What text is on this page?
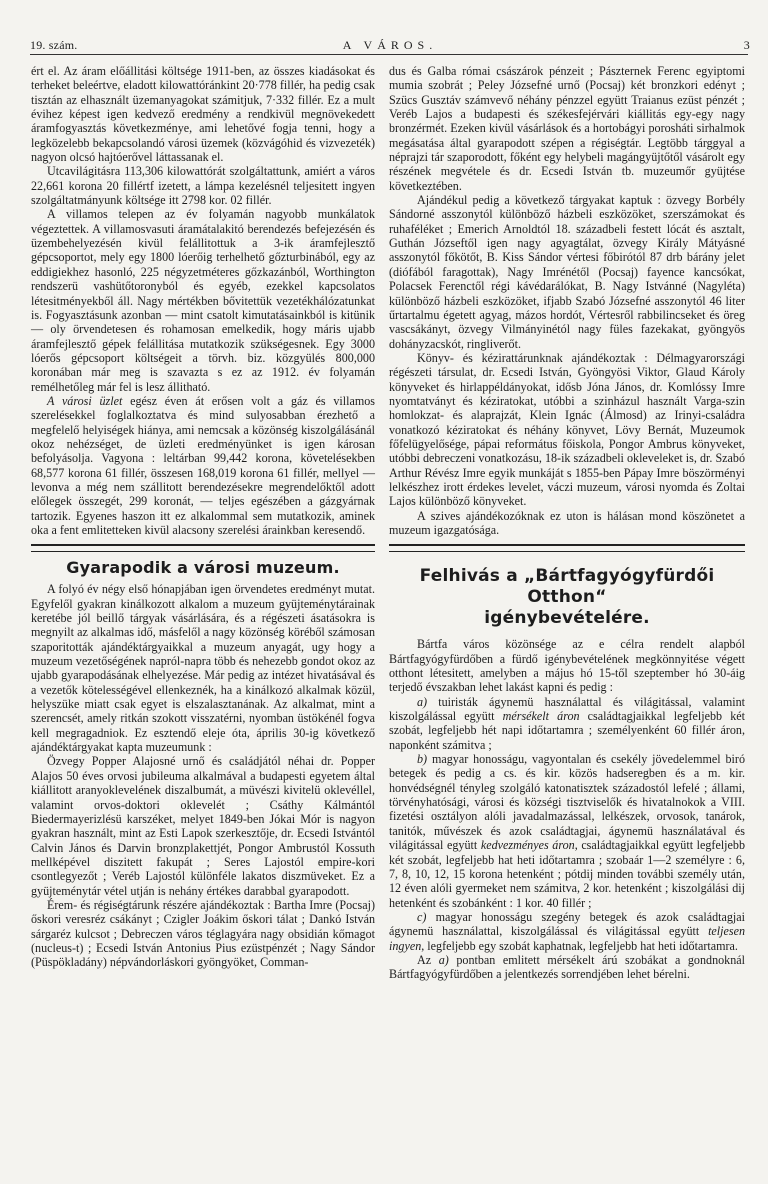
19. szám.	A VÁROS.	3

ért el. Az áram előállitási költsége 1911-ben, az összes kiadásokat és terheket beleértve, eladott kilowattóránkint 20·778 fillér, ha pedig csak tisztán az elhasznált üzemanyagokat számitjuk, 7·332 fillér. Ez a mult évihez képest igen kedvező eredmény a rendkivül megnövekedett áramfogyasztás következménye, ami lehetővé fogja tenni, hogy a legközelebb bekapcsolandó városi üzemek (közvágóhid és vizvezeték) nagyon olcsó hajtóerővel láttassanak el.

Utcavilágitásra 113,306 kilowattórát szolgáltattunk, amiért a város 22,661 korona 20 fillértf izetett, a lámpa kezelésnél teljesitett ingyen szolgáltatmányunk költsége itt 2798 kor. 02 fillér.

A villamos telepen az év folyamán nagyobb munkálatok végeztettek. A villamosvasuti áramátalakitó berendezés befejezésén és üzembehelyezésén kivül felállitottuk a 3-ik áramfejlesztő gépcsoportot, mely egy 1800 lóerőig terhelhető gőzturbinából, egy az eddigiekhez hasonló, 225 négyzetméteres gőzkazánból, Worthington rendszerü vashütőtoronyból és egyéb, ezekkel kapcsolatos létesitményekből áll. Nagy mértékben bővitettük vezetékhálózatunkat is. Fogyasztásunk azonban — mint csatolt kimutatásainkból is kitünik — oly örvendetesen és rohamosan emelkedik, hogy máris ujabb áramfejlesztő gépek felállitása mutatkozik szükségesnek. Egy 3000 lóerős gépcsoport költségeit a törvh. biz. közgyülés 800,000 koronában már meg is szavazta s ez az 1912. év folyamán remélhetőleg már fel is lesz állitható.

A városi üzlet egész éven át erősen volt a gáz és villamos szerelésekkel foglalkoztatva és mind sulyosabban érezhető a megfelelő helyiségek hiánya, ami nemcsak a közönség kiszolgálásánál okoz nehézséget, de üzleti eredményünket is igen károsan befolyásolja. Vagyona : leltárban 99,442 korona, követelésekben 68,577 korona 61 fillér, összesen 168,019 korona 61 fillér, mellyel — levonva a még nem szállitott berendezésekre megrendelőktől adott előlegek összegét, 299 koronát, — teljes egészében a gázgyárnak tartozik. Egyenes haszon itt ez alkalommal sem mutatkozik, aminek oka a fent emlitetteken kivül alacsony szerelési árainkban keresendő.

Gyarapodik a városi muzeum.

A folyó év négy első hónapjában igen örvendetes eredményt mutat. Egyfelől gyakran kinálkozott alkalom a muzeum gyüjteménytárainak keretébe jól beillő tárgyak vásárlására, és a régészeti ásatásokra is megnyilt az alkalmas idő, másfelől a nagy közönség köréből számosan szaporitották ajándéktárgyaikkal a muzeum anyagát, ugy hogy a muzeum vezetőségének napról-napra több és nehezebb gondot okoz az ujabb gyarapodásának elhelyezése. Már pedig az intézet hivatásával és a vezetők kötelességével ellenkeznék, ha a kinálkozó alkalmak közül, helyszüke miatt csak egyet is elszalasztanának. Az alkalmat, mint a szerencsét, amely ritkán szokott visszatérni, nyomban üstökénél fogva kell megragadniok. Ez esztendő eleje óta, április 30-ig következő ajándéktárgyakat kapta muzeumunk :

Özvegy Popper Alajosné urnő és családjától néhai dr. Popper Alajos 50 éves orvosi jubileuma alkalmával a budapesti egyetem által kiállitott aranyoklevelének diszalbumát, a müvészi kivitelü oklevéllel, valamint orvos-doktori oklevelét ; Csáthy Kálmántól Biedermayerizlésü karszéket, melyet 1849-ben Jókai Mór is nagyon gyakran használt, mint az Esti Lapok szerkesztője, dr. Ecsedi Istvántól Calvin János és Darvin bronzplakettjét, Pongor Ambrustól Kossuth mellképével diszitett fakupát ; Seres Lajostól empire-kori csontlegyezőt ; Veréb Lajostól különféle lakatos diszmüveket. Ez a gyüjteménytár vétel utján is nehány értékes darabbal gyarapodott.

Érem- és régiségtárunk részére ajándékoztak : Bartha Imre (Pocsaj) őskori veresréz csákányt ; Czigler Joákim őskori tálat ; Dankó István sárgaréz kulcsot ; Debreczen város téglagyára nagy obsidián kőmagot (nucleus-t) ; Ecsedi István Antonius Pius ezüstpénzét ; Nagy Sándor (Püspökladány) népvándorláskori gyöngyöket, Comman-

dus és Galba római császárok pénzeit ; Pászternek Ferenc egyiptomi mumia szobrát ; Peley Józsefné urnő (Pocsaj) két bronzkori edényt ; Szücs Gusztáv számvevő néhány pénzzel együtt Traianus ezüst pénzét ; Veréb Lajos a budapesti és székesfejérvári kiállitás egy-egy nagy bronzérmét. Ezeken kivül vásárlások és a hortobágyi porosháti sirhalmok megásatása által gyarapodott szépen a régiségtár. Legtöbb tárggyal a néprajzi tár szaporodott, főként egy helybeli magángyüjtőtől vásárolt egy részének megvétele és dr. Ecsedi István tb. muzeumőr gyüjtése következtében.

Ajándékul pedig a következő tárgyakat kaptuk : özvegy Borbély Sándorné asszonytól különböző házbeli eszközöket, szerszámokat és ruhaféléket ; Emerich Arnoldtól 18. századbeli festett lócát és asztalt, Guthán Józseftől igen nagy agyagtálat, özvegy Király Mátyásné asszonytól főkötőt, B. Kiss Sándor vértesi főbirótól 87 drb bárány jelet (diófából faragottak), Nagy Imrénétől (Pocsaj) fayence kancsókat, Polacsek Ferenctől régi kávédarálókat, B. Nagy Istvánné (Nagyléta) különböző házbeli eszközöket, ifjabb Szabó Józsefné asszonytól 46 liter űrtartalmu égetett agyag, mázos hordót, Vértesről rabbilincseket és öreg vascsákányt, özvegy Vilmányinétól nagy füles fazekakat, gyöngyös dohányzacskót, ringliverőt.

Könyv- és kézirattárunknak ajándékoztak : Délmagyarországi régészeti társulat, dr. Ecsedi István, Gyöngyösi Viktor, Glaud Károly könyveket és hirlappéldányokat, idősb Jóna János, dr. Komlóssy Imre nyomtatványt és kéziratokat, utóbbi a szinházul használt Varga-szin homlokzat- és alaprajzát, Klein Ignác (Álmosd) az Irinyi-családra vonatkozó kéziratokat és néhány könyvet, Lövy Bernát, Muzeumok főfelügyelősége, pápai református főiskola, Pongor Ambrus könyveket, utóbbi debreczeni vonatkozásu, 18-ik századbeli okleveleket is, dr. Szabó Arthur Révész Imre egyik munkáját s 1855-ben Pápay Imre böszörményi lelkészhez irott érdekes levelet, váczi muzeum, városi nyomda és Zoltai Lajos különböző könyveket.

A szives ajándékozóknak ez uton is hálásan mond köszönetet a muzeum igazgatósága.

Felhivás a „Bártfagyógyfürdői Otthon“
igénybevételére.

Bártfa város közönsége az e célra rendelt alapból Bártfagyógyfürdőben a fürdő igénybevételének megkönnyitése végett otthont létesitett, amelyben a május hó 15-től szeptember hó 30-áig terjedő évszakban lehet lakást kapni és pedig :

a) tuiristák ágynemü használattal és világitással, valamint kiszolgálással együtt mérsékelt áron családtagjaikkal legfeljebb két szobát, legfeljebb hét napi időtartamra ; személyenként 60 fillér áron, naponként számitva ;

b) magyar honosságu, vagyontalan és csekély jövedelemmel biró betegek és pedig a cs. és kir. közös hadseregben és a m. kir. honvédségnél tényleg szolgáló katonatisztek századostól lefelé ; állami, törvényhatósági, városi és községi tisztviselők és hivatalnokok a VIII. fizetési osztályon alóli javadalmazással, lelkészek, orvosok, tanárok, tanitók, művészek és azok családtagjai, ágynemü használatával és világitással együtt kedvezményes áron, családtagjaikkal együtt legfeljebb két szobát, legfeljebb hat heti időtartamra ; szobaár 1—2 személyre : 6, 7, 8, 10, 12, 15 korona hetenként ; pótdij minden további személy után, 12 éven alóli gyermeket nem számitva, 2 kor. hetenként ; kiszolgálási dij hetenként és szobánként : 1 kor. 40 fillér ;

c) magyar honosságu szegény betegek és azok családtagjai ágynemü használattal, kiszolgálással és világitással együtt teljesen ingyen, legfeljebb egy szobát kaphatnak, legfeljebb hat heti időtartamra.

Az a) pontban emlitett mérsékelt árú szobákat a gondnoknál Bártfagyógyfürdőben a jelentkezés sorrendjében lehet bérelni.
